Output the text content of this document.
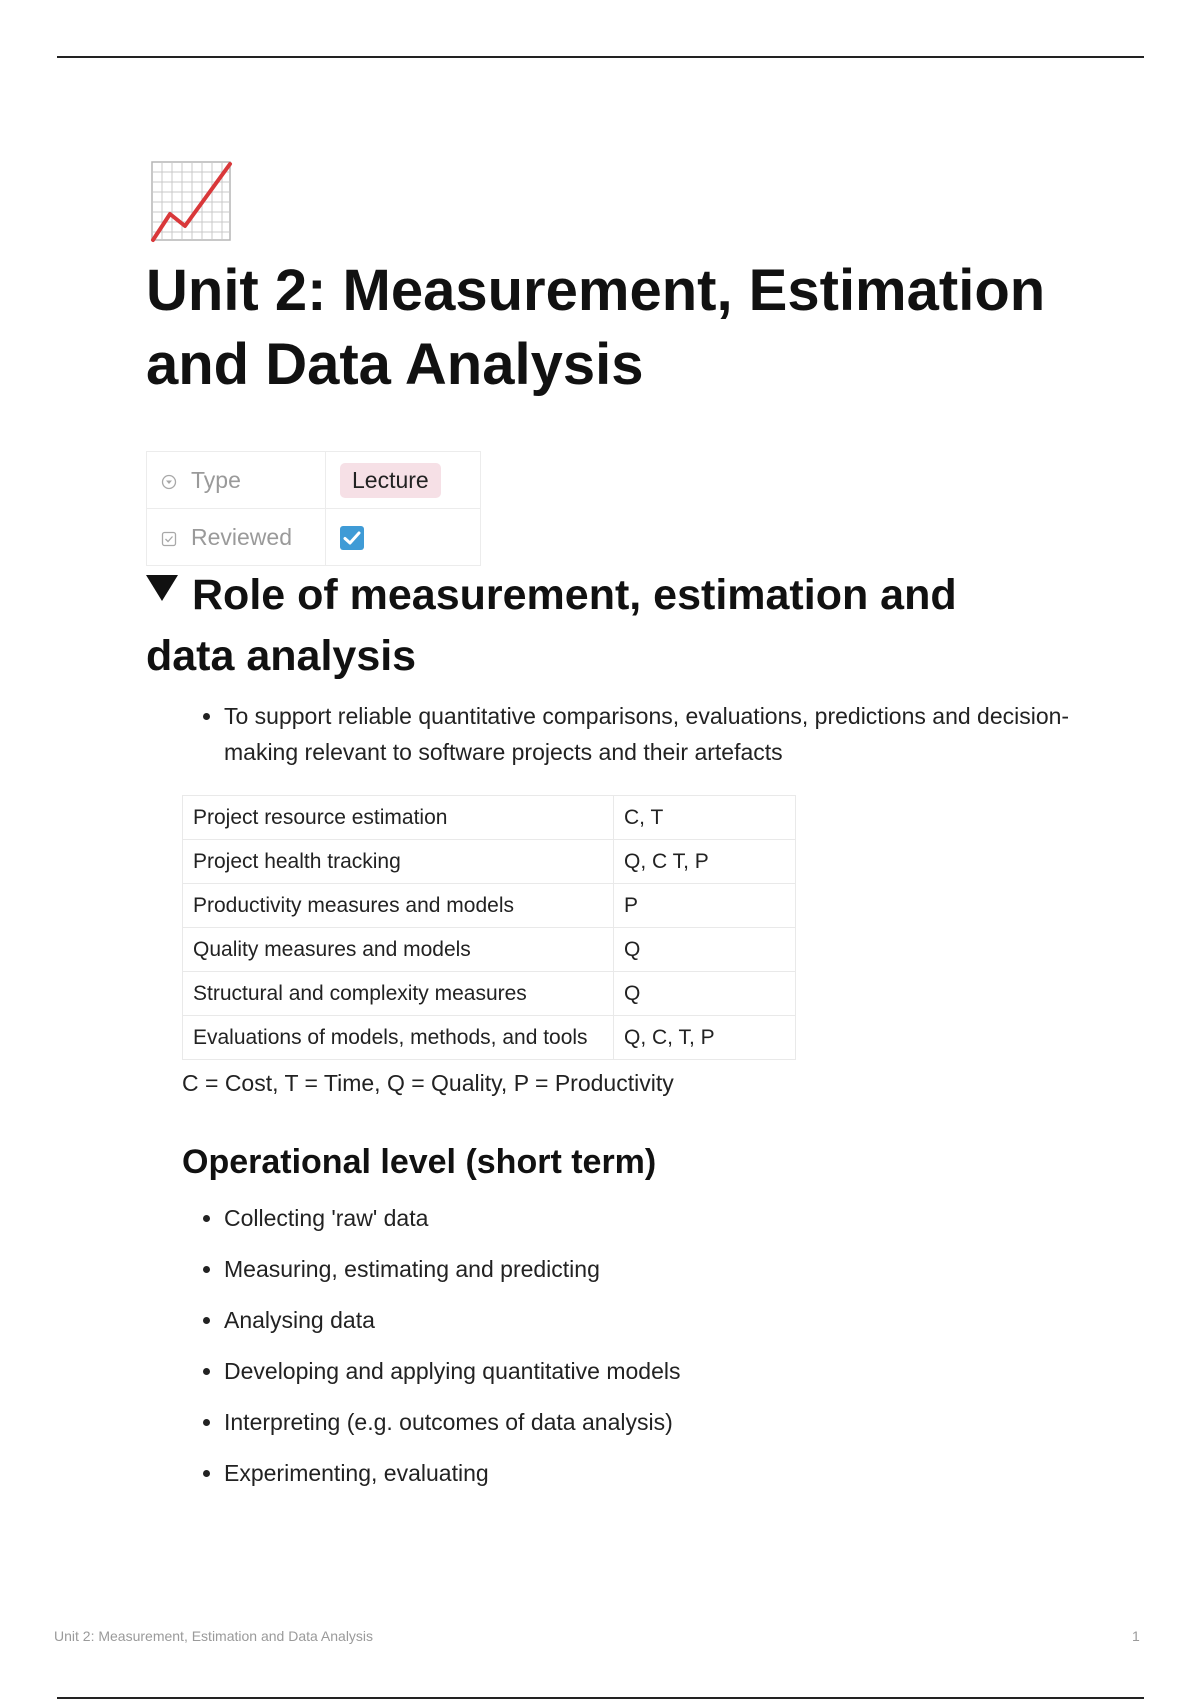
Unit 2: Measurement, Estimation and Data Analysis
Type	Lecture
Reviewed	
Role of measurement, estimation and data analysis
• To support reliable quantitative comparisons, evaluations, predictions and decision-making relevant to software projects and their artefacts
Project resource estimation	C, T
Project health tracking	Q, C T, P
Productivity measures and models	P
Quality measures and models	Q
Structural and complexity measures	Q
Evaluations of models, methods, and tools	Q, C, T, P

C = Cost, T = Time, Q = Quality, P = Productivity

Operational level (short term)
• Collecting 'raw' data
• Measuring, estimating and predicting
• Analysing data
• Developing and applying quantitative models
• Interpreting (e.g. outcomes of data analysis)
• Experimenting, evaluating
Unit 2: Measurement, Estimation and Data Analysis	1
